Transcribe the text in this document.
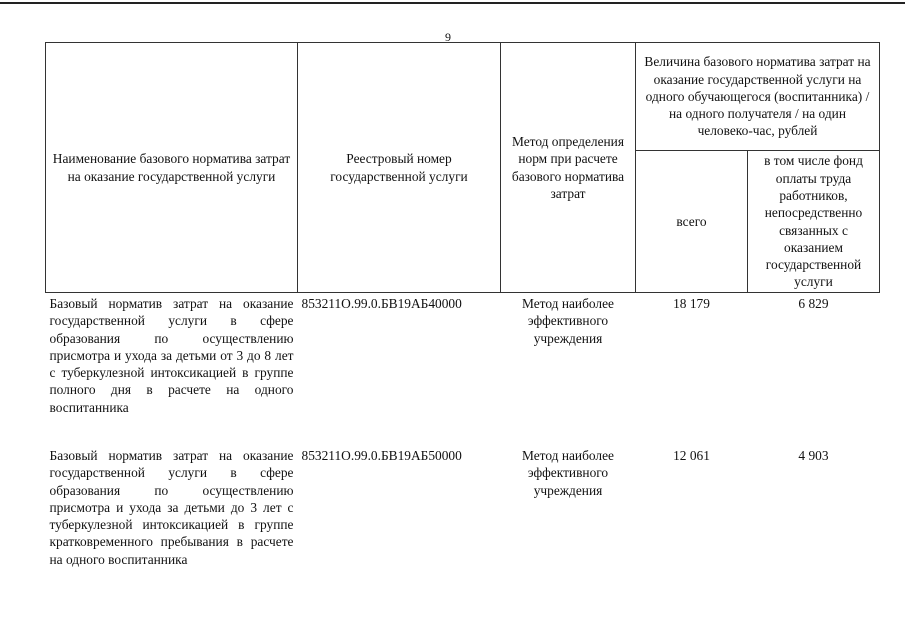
9
Наименование базового норматива затрат на оказание государственной услуги	Реестровый номер государственной услуги	Метод определения норм при расчете базового норматива затрат	Величина базового норматива затрат на оказание государственной услуги на одного обучающегося (воспитанника) / на одного получателя / на один человеко-час, рублей	
			всего	в том числе фонд оплаты труда работников, непосредственно связанных с оказанием государственной услуги
Базовый норматив затрат на оказание государственной услуги в сфере образования по осуществлению присмотра и ухода за детьми от 3 до 8 лет с туберкулезной интоксикацией в группе полного дня в расчете на одного воспитанника	853211О.99.0.БВ19АБ40000	Метод наиболее эффективного учреждения	18 179	6 829
Базовый норматив затрат на оказание государственной услуги в сфере образования по осуществлению присмотра и ухода за детьми до 3 лет с туберкулезной интоксикацией в группе кратковременного пребывания в расчете на одного воспитанника	853211О.99.0.БВ19АБ50000	Метод наиболее эффективного учреждения	12 061	4 903
